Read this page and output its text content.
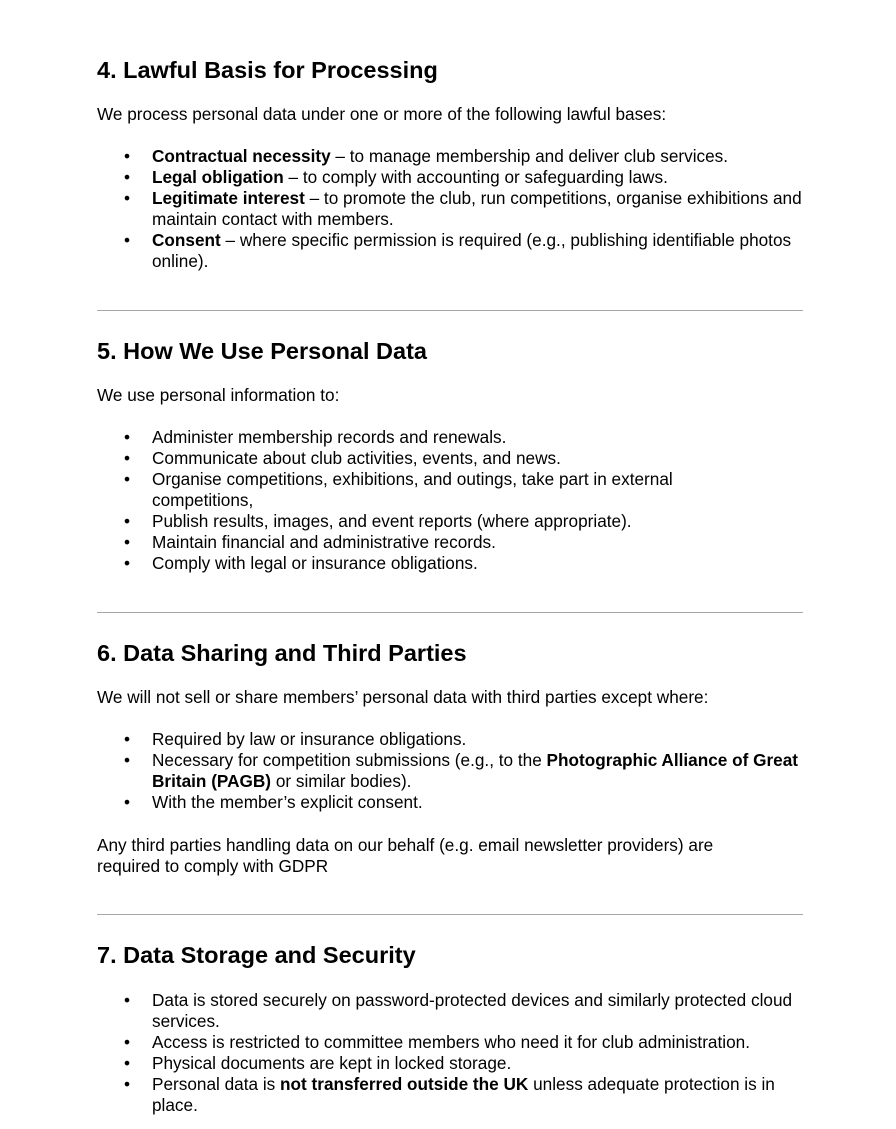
4. Lawful Basis for Processing

We process personal data under one or more of the following lawful bases:

• Contractual necessity – to manage membership and deliver club services.
• Legal obligation – to comply with accounting or safeguarding laws.
• Legitimate interest – to promote the club, run competitions, organise exhibitions and maintain contact with members.
• Consent – where specific permission is required (e.g., publishing identifiable photos online).
5. How We Use Personal Data

We use personal information to:

• Administer membership records and renewals.
• Communicate about club activities, events, and news.
• Organise competitions, exhibitions, and outings, take part in external competitions,
• Publish results, images, and event reports (where appropriate).
• Maintain financial and administrative records.
• Comply with legal or insurance obligations.
6. Data Sharing and Third Parties

We will not sell or share members’ personal data with third parties except where:

• Required by law or insurance obligations.
• Necessary for competition submissions (e.g., to the Photographic Alliance of Great Britain (PAGB) or similar bodies).
• With the member’s explicit consent.

Any third parties handling data on our behalf (e.g. email newsletter providers) are required to comply with GDPR

7. Data Storage and Security
• Data is stored securely on password-protected devices and similarly protected cloud services.
• Access is restricted to committee members who need it for club administration.
• Physical documents are kept in locked storage.
• Personal data is not transferred outside the UK unless adequate protection is in place.
